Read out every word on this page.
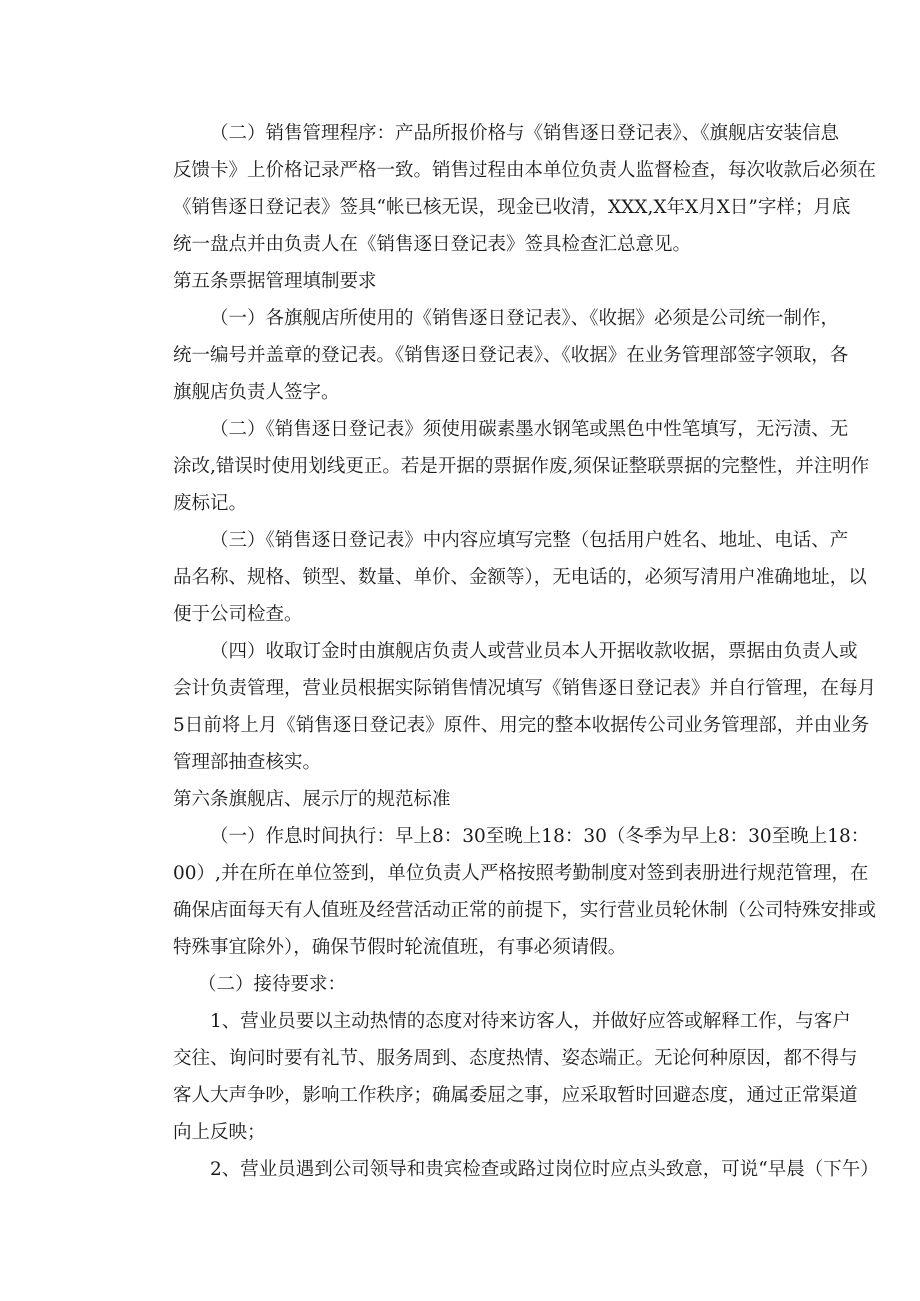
（二）销售管理程序：产品所报价格与《销售逐日登记表》、《旗舰店安装信息
反馈卡》上价格记录严格一致。销售过程由本单位负责人监督检查，每次收款后必须在
《销售逐日登记表》签具“帐已核无误，现金已收清，XXX,X年X月X日”字样；月底
统一盘点并由负责人在《销售逐日登记表》签具检查汇总意见。
第五条票据管理填制要求
（一）各旗舰店所使用的《销售逐日登记表》、《收据》必须是公司统一制作，
统一编号并盖章的登记表。《销售逐日登记表》、《收据》在业务管理部签字领取，各
旗舰店负责人签字。
（二）《销售逐日登记表》须使用碳素墨水钢笔或黑色中性笔填写，无污渍、无
涂改,错误时使用划线更正。若是开据的票据作废,须保证整联票据的完整性，并注明作
废标记。
（三）《销售逐日登记表》中内容应填写完整（包括用户姓名、地址、电话、产
品名称、规格、锁型、数量、单价、金额等），无电话的，必须写清用户准确地址，以
便于公司检查。
（四）收取订金时由旗舰店负责人或营业员本人开据收款收据，票据由负责人或
会计负责管理，营业员根据实际销售情况填写《销售逐日登记表》并自行管理，在每月
5日前将上月《销售逐日登记表》原件、用完的整本收据传公司业务管理部，并由业务
管理部抽查核实。
第六条旗舰店、展示厅的规范标准
（一）作息时间执行：早上8：30至晚上18：30（冬季为早上8：30至晚上18：
00）,并在所在单位签到，单位负责人严格按照考勤制度对签到表册进行规范管理，在
确保店面每天有人值班及经营活动正常的前提下，实行营业员轮休制（公司特殊安排或
特殊事宜除外），确保节假时轮流值班，有事必须请假。
（二）接待要求：
1、营业员要以主动热情的态度对待来访客人，并做好应答或解释工作，与客户
交往、询问时要有礼节、服务周到、态度热情、姿态端正。无论何种原因，都不得与
客人大声争吵，影响工作秩序；确属委屈之事，应采取暂时回避态度，通过正常渠道
向上反映；
2、营业员遇到公司领导和贵宾检查或路过岗位时应点头致意，可说“早晨（下午）
